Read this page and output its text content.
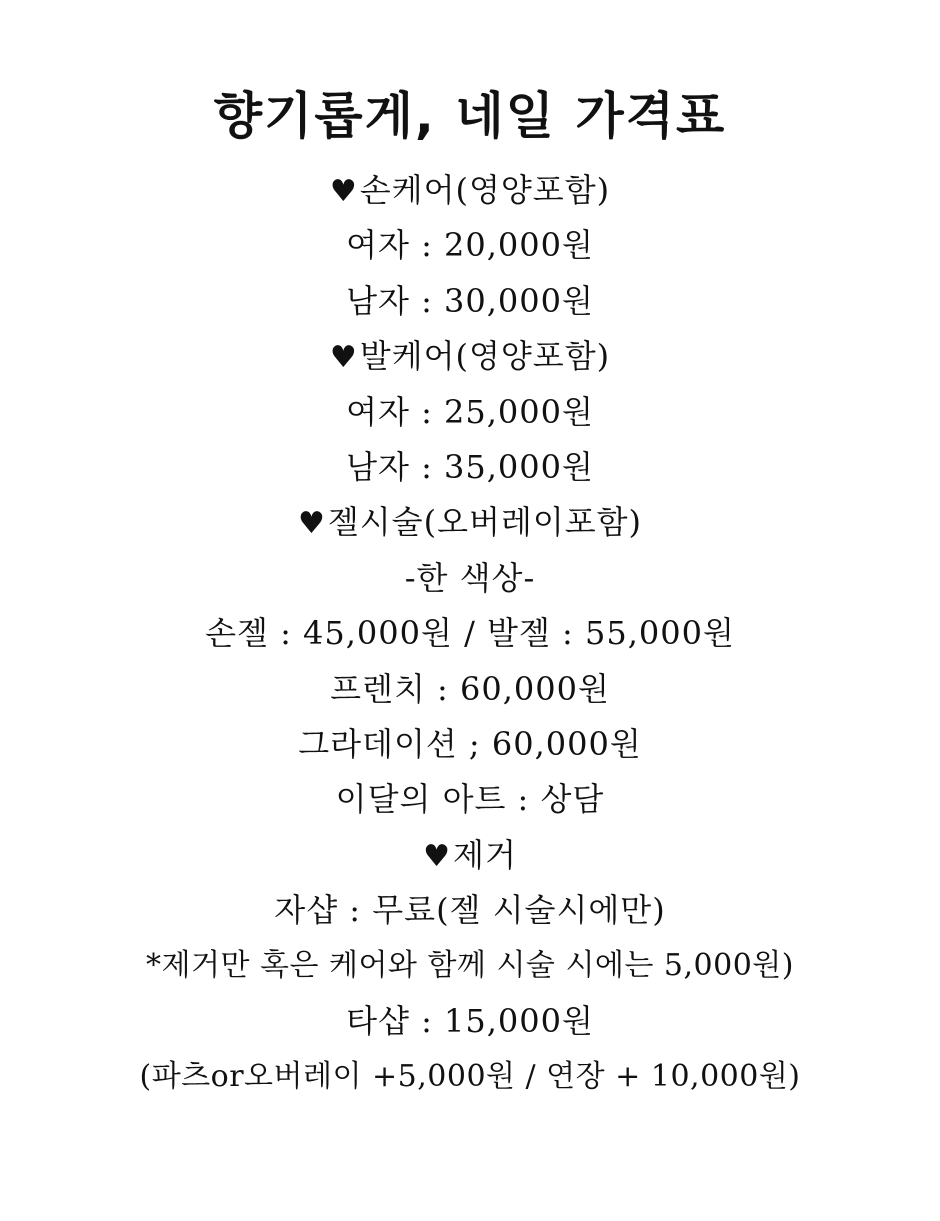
향기롭게, 네일 가격표
♥손케어(영양포함)
여자 : 20,000원
남자 : 30,000원
♥발케어(영양포함)
여자 : 25,000원
남자 : 35,000원
♥젤시술(오버레이포함)
-한 색상-
손젤 : 45,000원 / 발젤 : 55,000원
프렌치 : 60,000원
그라데이션 ; 60,000원
이달의 아트 : 상담
♥제거
자샵 : 무료(젤 시술시에만)
*제거만 혹은 케어와 함께 시술 시에는 5,000원)
타샵 : 15,000원
(파츠or오버레이 +5,000원 / 연장 + 10,000원)
